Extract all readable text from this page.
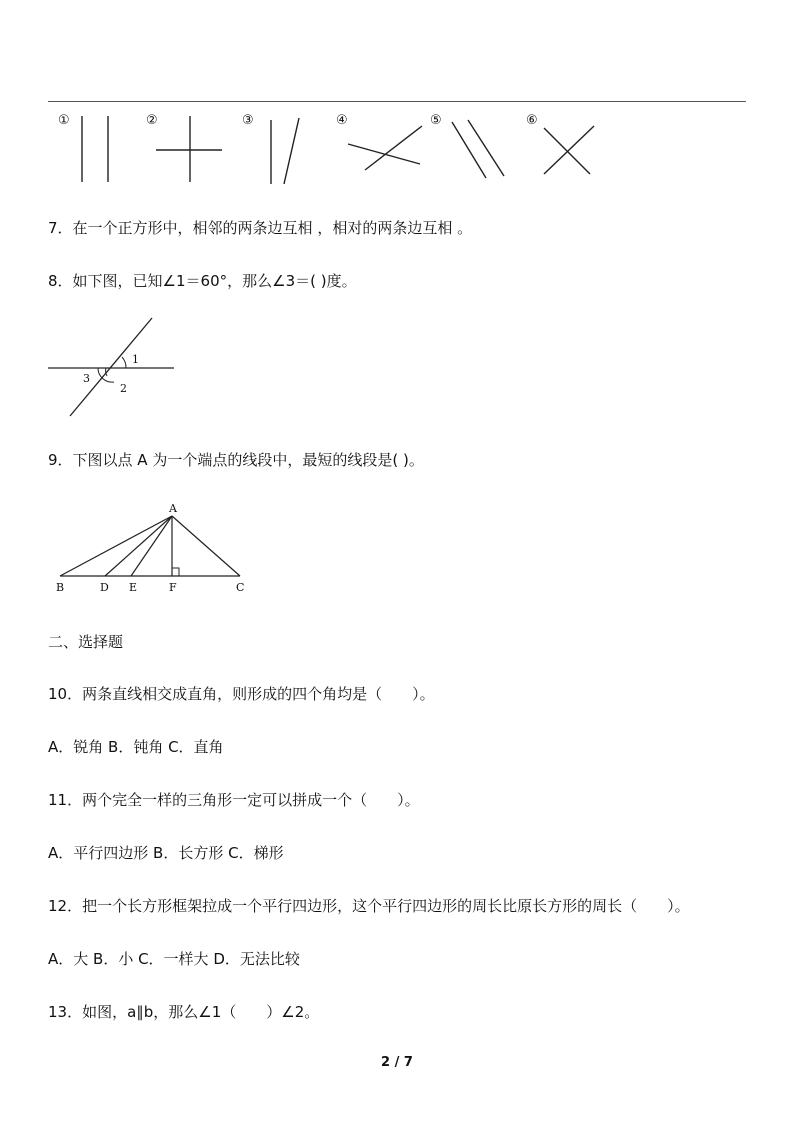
①	②	③	④	⑤	⑥
7．在一个正方形中，相邻的两条边互相 ，相对的两条边互相 。
8．如下图，已知∠1＝60°，那么∠3＝( )度。
1
2
3
9．下图以点 A 为一个端点的线段中，最短的线段是( )。
A
B	D E	F	C
二、选择题
10．两条直线相交成直角，则形成的四个角均是（　　）。
A．锐角 B．钝角 C．直角
11．两个完全一样的三角形一定可以拼成一个（　　）。
A．平行四边形 B．长方形 C．梯形
12．把一个长方形框架拉成一个平行四边形，这个平行四边形的周长比原长方形的周长（　　）。
A．大 B．小 C．一样大 D．无法比较
13．如图，a∥b，那么∠1（　　）∠2。
2 / 7
